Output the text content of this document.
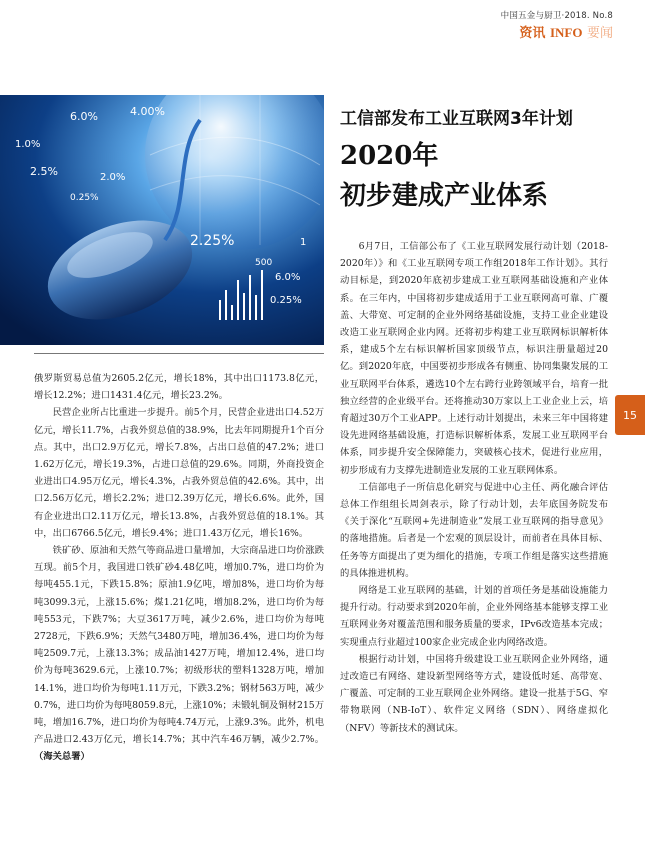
中国五金与厨卫·2018. No.8
资讯 INFO 要闻
6.0%
2.5%
1.0%
2.0%
2.25%
4.00%
6.0%
0.25%
1
0.25%
500
工信部发布工业互联网3年计划
2020年
初步建成产业体系

俄罗斯贸易总值为2605.2亿元，增长18%，其中出口1173.8亿元，增长12.2%；进口1431.4亿元，增长23.2%。

民营企业所占比重进一步提升。前5个月，民营企业进出口4.52万亿元，增长11.7%，占我外贸总值的38.9%，比去年同期提升1个百分点。其中，出口2.9万亿元，增长7.8%，占出口总值的47.2%；进口1.62万亿元，增长19.3%，占进口总值的29.6%。同期，外商投资企业进出口4.95万亿元，增长4.3%，占我外贸总值的42.6%。其中，出口2.56万亿元，增长2.2%；进口2.39万亿元，增长6.6%。此外，国有企业进出口2.11万亿元，增长13.8%，占我外贸总值的18.1%。其中，出口6766.5亿元，增长9.4%；进口1.43万亿元，增长16%。

铁矿砂、原油和天然气等商品进口量增加，大宗商品进口均价涨跌互现。前5个月，我国进口铁矿砂4.48亿吨，增加0.7%，进口均价为每吨455.1元，下跌15.8%；原油1.9亿吨，增加8%，进口均价为每吨3099.3元，上涨15.6%；煤1.21亿吨，增加8.2%，进口均价为每吨553元，下跌7%；大豆3617万吨，减少2.6%，进口均价为每吨2728元，下跌6.9%；天然气3480万吨，增加36.4%，进口均价为每吨2509.7元，上涨13.3%；成品油1427万吨，增加12.4%，进口均价为每吨3629.6元，上涨10.7%；初级形状的塑料1328万吨，增加14.1%，进口均价为每吨1.11万元，下跌3.2%；钢材563万吨，减少0.7%，进口均价为每吨8059.8元，上涨10%；未锻轧铜及铜材215万吨，增加16.7%，进口均价为每吨4.74万元，上涨9.3%。此外，机电产品进口2.43万亿元，增长14.7%；其中汽车46万辆，减少2.7%。（海关总署）

6月7日，工信部公布了《工业互联网发展行动计划（2018-2020年）》和《工业互联网专项工作组2018年工作计划》。其行动目标是，到2020年底初步建成工业互联网基础设施和产业体系。在三年内，中国将初步建成适用于工业互联网高可靠、广覆盖、大带宽、可定制的企业外网络基础设施，支持工业企业建设改造工业互联网企业内网。还将初步构建工业互联网标识解析体系，建成5个左右标识解析国家顶级节点，标识注册量超过20亿。到2020年底，中国要初步形成各有侧重、协同集聚发展的工业互联网平台体系，遴选10个左右跨行业跨领域平台，培育一批独立经营的企业级平台。还将推动30万家以上工业企业上云，培育超过30万个工业APP。上述行动计划提出，未来三年中国将建设先进网络基础设施，打造标识解析体系，发展工业互联网平台体系，同步提升安全保障能力，突破核心技术，促进行业应用，初步形成有力支撑先进制造业发展的工业互联网体系。

工信部电子一所信息化研究与促进中心主任、两化融合评估总体工作组组长周剑表示，除了行动计划，去年底国务院发布《关于深化“互联网+先进制造业”发展工业互联网的指导意见》的落地措施。后者是一个宏观的顶层设计，而前者在具体目标、任务等方面提出了更为细化的措施，专项工作组是落实这些措施的具体推进机构。

网络是工业互联网的基础，计划的首项任务是基础设施能力提升行动。行动要求到2020年前，企业外网络基本能够支撑工业互联网业务对覆盖范围和服务质量的要求，IPv6改造基本完成；实现重点行业超过100家企业完成企业内网络改造。

根据行动计划，中国将升级建设工业互联网企业外网络，通过改造已有网络、建设新型网络等方式，建设低时延、高带宽、广覆盖、可定制的工业互联网企业外网络。建设一批基于5G、窄带物联网（NB-IoT）、软件定义网络（SDN）、网络虚拟化（NFV）等新技术的测试床。

15
